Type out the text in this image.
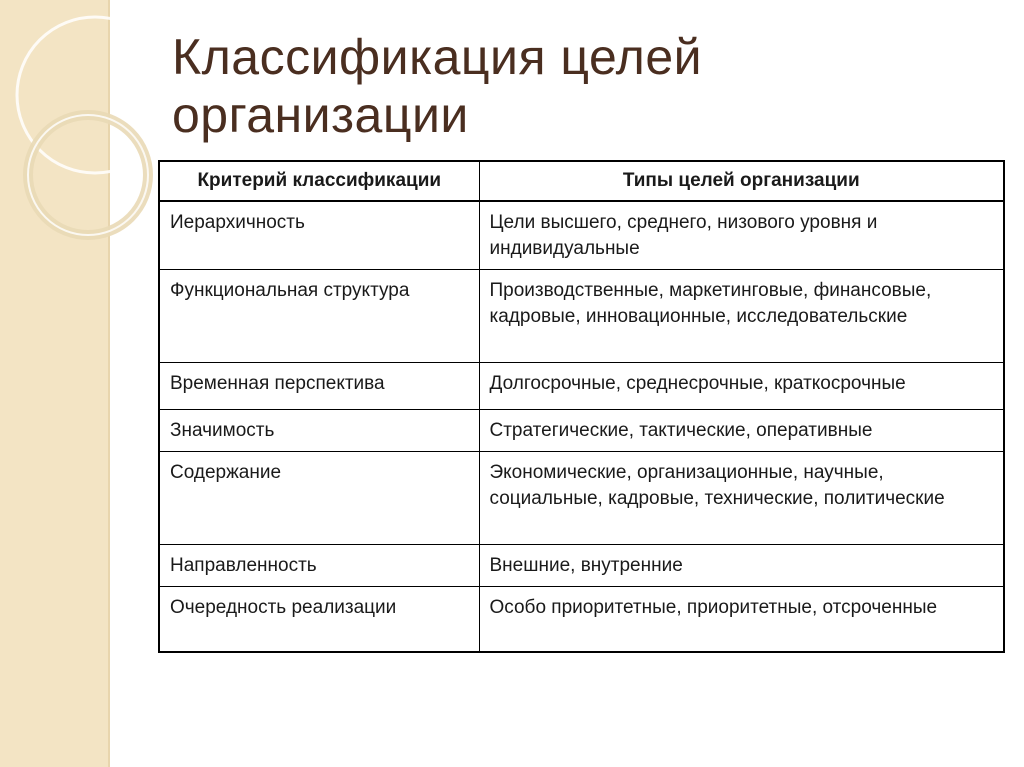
Классификация целей организации
Критерий классификации	Типы целей организации
Иерархичность	Цели высшего, среднего, низового уровня и индивидуальные
Функциональная структура	Производственные, маркетинговые, финансовые, кадровые, инновационные, исследовательские
Временная перспектива	Долгосрочные, среднесрочные, краткосрочные
Значимость	Стратегические, тактические, оперативные
Содержание	Экономические, организационные, научные, социальные, кадровые, технические, политические
Направленность	Внешние, внутренние
Очередность реализации	Особо приоритетные, приоритетные, отсроченные
